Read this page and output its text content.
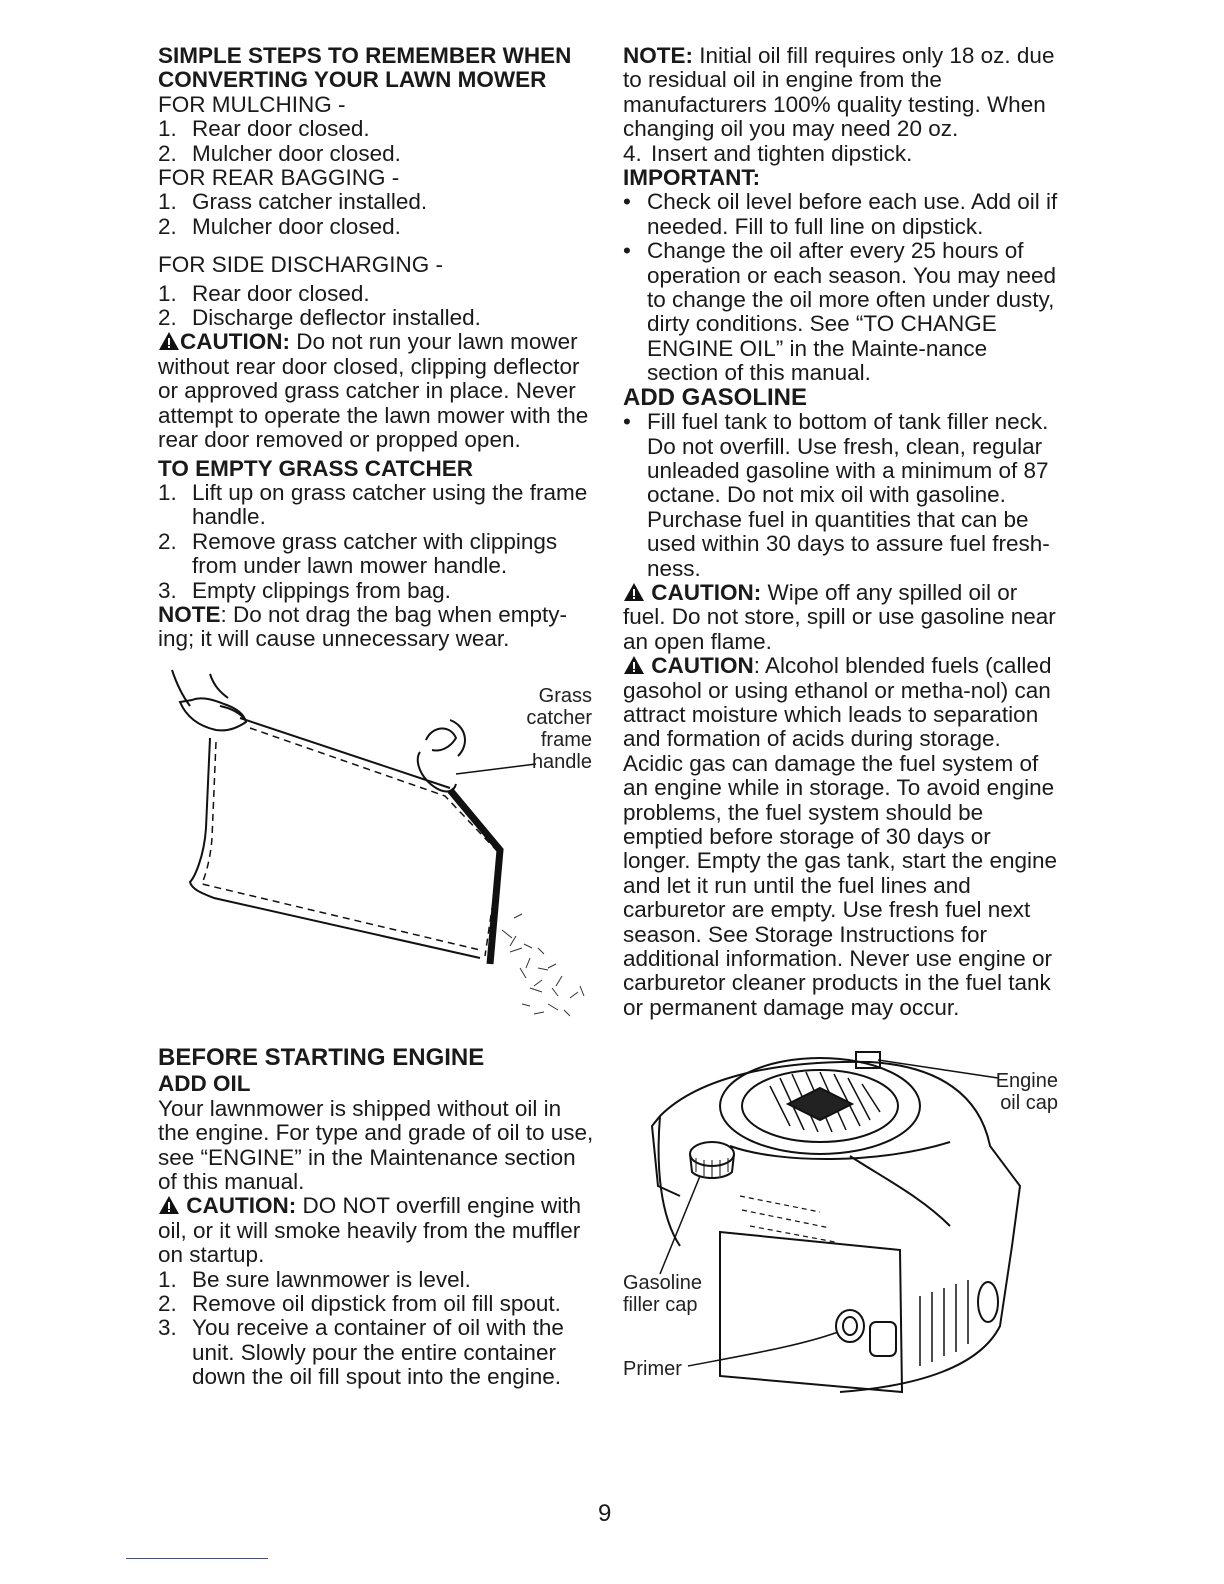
SIMPLE STEPS TO REMEMBER WHEN
CONVERTING YOUR LAWN MOWER
FOR MULCHING -
1. Rear door closed.
2. Mulcher door closed.
FOR REAR BAGGING -
1. Grass catcher installed.
2. Mulcher door closed.
FOR SIDE DISCHARGING -
1. Rear door closed.
2. Discharge deflector installed.
CAUTION: Do not run your lawn mower without rear door closed, clipping deflector or approved grass catcher in place. Never attempt to operate the lawn mower with the rear door removed or propped open.
TO EMPTY GRASS CATCHER
1. Lift up on grass catcher using the frame handle.
2. Remove grass catcher with clippings from under lawn mower handle.
3. Empty clippings from bag.
NOTE: Do not drag the bag when empty-ing; it will cause unnecessary wear.
Grass
catcher
frame
handle
BEFORE STARTING ENGINE
ADD OIL
Your lawnmower is shipped without oil in the engine. For type and grade of oil to use, see “ENGINE” in the Maintenance section of this manual.
CAUTION: DO NOT overfill engine with oil, or it will smoke heavily from the muffler on startup.
1. Be sure lawnmower is level.
2. Remove oil dipstick from oil fill spout.
3. You receive a container of oil with the unit. Slowly pour the entire container down the oil fill spout into the engine.
NOTE: Initial oil fill requires only 18 oz. due to residual oil in engine from the manufacturers 100% quality testing. When changing oil you may need 20 oz.
4. Insert and tighten dipstick.
IMPORTANT:
• Check oil level before each use. Add oil if needed. Fill to full line on dipstick.
• Change the oil after every 25 hours of operation or each season. You may need to change the oil more often under dusty, dirty conditions. See “TO CHANGE ENGINE OIL” in the Mainte-nance section of this manual.
ADD GASOLINE
• Fill fuel tank to bottom of tank filler neck. Do not overfill. Use fresh, clean, regular unleaded gasoline with a minimum of 87 octane. Do not mix oil with gasoline. Purchase fuel in quantities that can be used within 30 days to assure fuel fresh-ness.
CAUTION: Wipe off any spilled oil or fuel. Do not store, spill or use gasoline near an open flame.
CAUTION: Alcohol blended fuels (called gasohol or using ethanol or metha-nol) can attract moisture which leads to separation and formation of acids during storage. Acidic gas can damage the fuel system of an engine while in storage. To avoid engine problems, the fuel system should be emptied before storage of 30 days or longer. Empty the gas tank, start the engine and let it run until the fuel lines and carburetor are empty. Use fresh fuel next season. See Storage Instructions for additional information. Never use engine or carburetor cleaner products in the fuel tank or permanent damage may occur.
Engine
oil cap
Gasoline
filler cap
Primer
9
